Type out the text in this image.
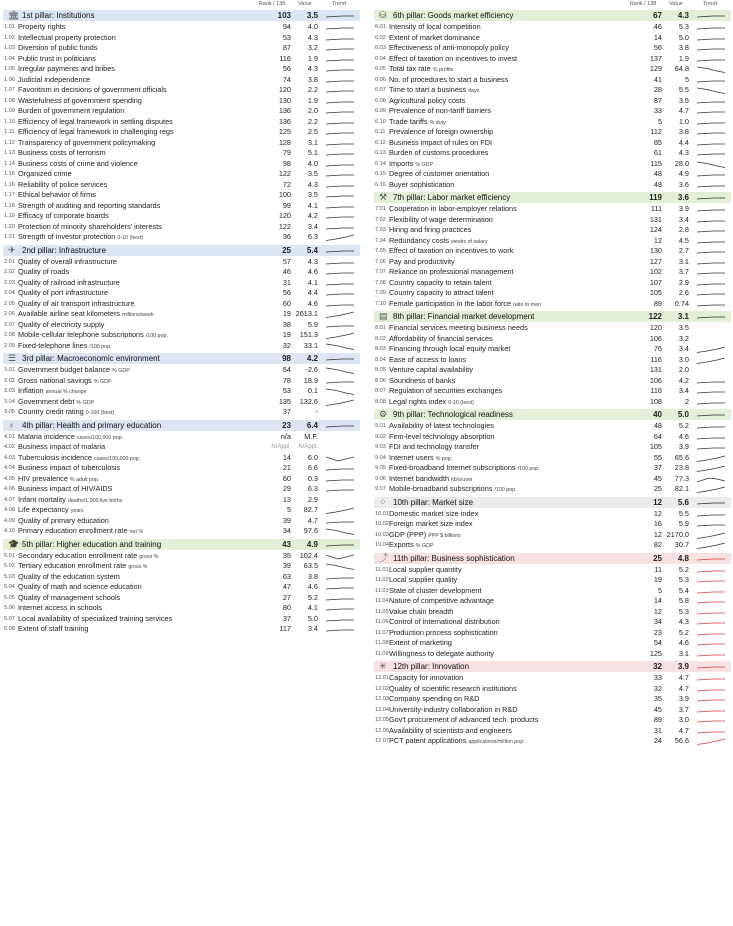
Rank / 138	Value	Trend
🏛 1st pillar: Institutions	103	3.5
1.01 Property rights	94	4.0
1.02 Intellectual property protection	53	4.3
1.03 Diversion of public funds	87	3.2
1.04 Public trust in politicians	116	1.9
1.05 Irregular payments and bribes	56	4.3
1.06 Judicial independence	74	3.8
1.07 Favoritism in decisions of government officials	120	2.2
1.08 Wastefulness of government spending	130	1.9
1.09 Burden of government regulation	136	2.0
1.10 Efficiency of legal framework in settling disputes	136	2.2
1.11 Efficiency of legal framework in challenging regs	125	2.5
1.12 Transparency of government policymaking	128	3.1
1.13 Business costs of terrorism	79	5.1
1.14 Business costs of crime and violence	98	4.0
1.15 Organized crime	122	3.5
1.16 Reliability of police services	72	4.3
1.17 Ethical behavior of firms	100	3.5
1.18 Strength of auditing and reporting standards	99	4.1
1.19 Efficacy of corporate boards	120	4.2
1.20 Protection of minority shareholders' interests	122	3.4
1.21 Strength of investor protection 0-10 (best)	36	6.3
✈ 2nd pillar: Infrastructure	25	5.4
2.01 Quality of overall infrastructure	57	4.3
2.02 Quality of roads	46	4.6
2.03 Quality of railroad infrastructure	31	4.1
2.04 Quality of port infrastructure	56	4.4
2.05 Quality of air transport infrastructure	60	4.6
2.06 Available airline seat kilometers millions/week	19 2613.1
2.07 Quality of electricity supply	38	5.9
2.08 Mobile-cellular telephone subscriptions /100 pop.	19	151.3
2.09 Fixed-telephone lines /100 pop.	32	33.1
☰ 3rd pillar: Macroeconomic environment	98	4.2
3.01 Government budget balance % GDP	54	-2.6
3.02 Gross national savings % GDP	78	18.9
3.03 Inflation annual % change	53	0.1
3.04 Government debt % GDP	135	132.6
3.05 Country credit rating 0-100 (best)	37	-
♁ 4th pillar: Health and primary education	23	6.4
4.01 Malaria incidence cases/100,000 pop.	n/a	M.F.
4.02 Business impact of malaria	N/Appl.	N/Appl.
4.03 Tuberculosis incidence cases/100,000 pop.	14	6.0
4.04 Business impact of tuberculosis	21	6.6
4.05 HIV prevalence % adult pop.	60	0.3
4.06 Business impact of HIV/AIDS	29	6.3
4.07 Infant mortality deaths/1,000 live births	13	2.9
4.08 Life expectancy years	5	82.7
4.09 Quality of primary education	39	4.7
4.10 Primary education enrollment rate net %	34	97.6
🎓 5th pillar: Higher education and training	43	4.9
5.01 Secondary education enrollment rate gross %	35	102.4
5.02 Tertiary education enrollment rate gross %	39	63.5
5.03 Quality of the education system	63	3.8
5.04 Quality of math and science education	47	4.6
5.05 Quality of management schools	27	5.2
5.06 Internet access in schools	80	4.1
5.07 Local availability of specialized training services	37	5.0
5.08 Extent of staff training	117	3.4
Rank / 138	Value	Trend
⛁ 6th pillar: Goods market efficiency	67	4.3
6.01 Intensity of local competition	46	5.3
6.02 Extent of market dominance	14	5.0
6.03 Effectiveness of anti-monopoly policy	56	3.8
6.04 Effect of taxation on incentives to invest	137	1.9
6.05 Total tax rate % profits	129	64.8
6.06 No. of procedures to start a business	41	5
6.07 Time to start a business days	28	5.5
6.08 Agricultural policy costs	87	3.5
6.09 Prevalence of non-tariff barriers	33	4.7
6.10 Trade tariffs % duty	5	1.0
6.11 Prevalence of foreign ownership	112	3.8
6.12 Business impact of rules on FDI	85	4.4
6.13 Burden of customs procedures	61	4.3
6.14 Imports % GDP	115	28.0
6.15 Degree of customer orientation	48	4.9
6.16 Buyer sophistication	48	3.6
⚒ 7th pillar: Labor market efficiency	119	3.6
7.01 Cooperation in labor-employer relations	111	3.9
7.02 Flexibility of wage determination	131	3.4
7.03 Hiring and firing practices	124	2.8
7.04 Redundancy costs weeks of salary	12	4.5
7.05 Effect of taxation on incentives to work	130	2.7
7.06 Pay and productivity	127	3.1
7.07 Reliance on professional management	102	3.7
7.08 Country capacity to retain talent	107	2.9
7.09 Country capacity to attract talent	105	2.6
7.10 Female participation in the labor force ratio to men	89	0.74
▤ 8th pillar: Financial market development	122	3.1
8.01 Financial services meeting business needs	120	3.5
8.02 Affordability of financial services	106	3.2
8.03 Financing through local equity market	76	3.4
8.04 Ease of access to loans	116	3.0
8.05 Venture capital availability	131	2.0
8.06 Soundness of banks	106	4.2
8.07 Regulation of securities exchanges	116	3.4
8.08 Legal rights index 0-10 (best)	108	2
⚙ 9th pillar: Technological readiness	40	5.0
9.01 Availability of latest technologies	48	5.2
9.02 Firm-level technology absorption	64	4.6
9.03 FDI and technology transfer	105	3.9
9.04 Internet users % pop.	55	65.6
9.05 Fixed-broadband Internet subscriptions /100 pop.	37	23.8
9.06 Internet bandwidth kb/s/user	45	77.3
9.07 Mobile-broadband subscriptions /100 pop.	25	82.1
⁘ 10th pillar: Market size	12	5.6
10.01 Domestic market size index	12	5.5
10.02 Foreign market size index	16	5.9
10.03 GDP (PPP) PPP $ billions	12 2170.0
10.04 Exports % GDP	82	30.7
⤴ 11th pillar: Business sophistication	25	4.8
11.01 Local supplier quantity	11	5.2
11.02 Local supplier quality	19	5.3
11.03 State of cluster development	5	5.4
11.04 Nature of competitive advantage	14	5.8
11.05 Value chain breadth	12	5.3
11.06 Control of international distribution	34	4.3
11.07 Production process sophistication	23	5.2
11.08 Extent of marketing	54	4.6
11.09 Willingness to delegate authority	125	3.1
✳ 12th pillar: Innovation	32	3.9
12.01 Capacity for innovation	33	4.7
12.02 Quality of scientific research institutions	32	4.7
12.03 Company spending on R&D	35	3.9
12.04 University-industry collaboration in R&D	45	3.7
12.05 Gov't procurement of advanced tech. products	89	3.0
12.06 Availability of scientists and engineers	31	4.7
12.07 PCT patent applications applications/million pop.	24	56.6
